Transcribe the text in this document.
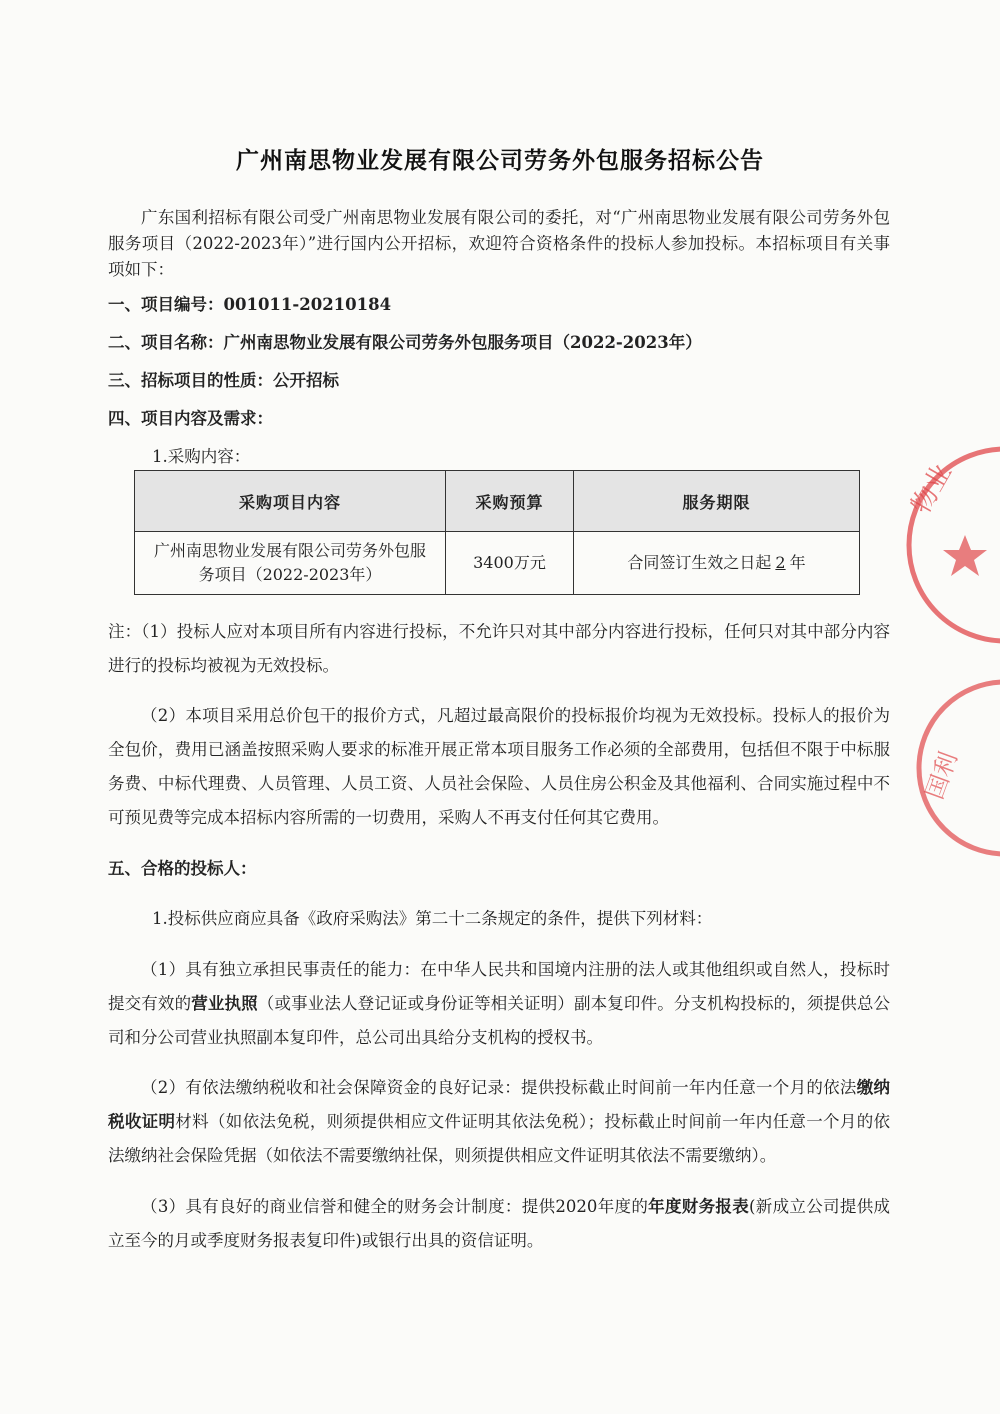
广州南思物业发展有限公司劳务外包服务招标公告

广东国利招标有限公司受广州南思物业发展有限公司的委托，对“广州南思物业发展有限公司劳务外包服务项目（2022-2023年）”进行国内公开招标，欢迎符合资格条件的投标人参加投标。本招标项目有关事项如下：

一、项目编号：001011-20210184

二、项目名称：广州南思物业发展有限公司劳务外包服务项目（2022-2023年）

三、招标项目的性质：公开招标

四、项目内容及需求：

1.采购内容：

采购项目内容	采购预算	服务期限
广州南思物业发展有限公司劳务外包服务项目（2022-2023年）	3400万元	合同签订生效之日起 2 年

注：（1）投标人应对本项目所有内容进行投标，不允许只对其中部分内容进行投标，任何只对其中部分内容进行的投标均被视为无效投标。

（2）本项目采用总价包干的报价方式，凡超过最高限价的投标报价均视为无效投标。投标人的报价为全包价，费用已涵盖按照采购人要求的标准开展正常本项目服务工作必须的全部费用，包括但不限于中标服务费、中标代理费、人员管理、人员工资、人员社会保险、人员住房公积金及其他福利、合同实施过程中不可预见费等完成本招标内容所需的一切费用，采购人不再支付任何其它费用。

五、合格的投标人：

1.投标供应商应具备《政府采购法》第二十二条规定的条件，提供下列材料：

（1）具有独立承担民事责任的能力：在中华人民共和国境内注册的法人或其他组织或自然人，投标时提交有效的营业执照（或事业法人登记证或身份证等相关证明）副本复印件。分支机构投标的，须提供总公司和分公司营业执照副本复印件，总公司出具给分支机构的授权书。

（2）有依法缴纳税收和社会保障资金的良好记录：提供投标截止时间前一年内任意一个月的依法缴纳税收证明材料（如依法免税，则须提供相应文件证明其依法免税）；投标截止时间前一年内任意一个月的依法缴纳社会保险凭据（如依法不需要缴纳社保，则须提供相应文件证明其依法不需要缴纳）。

（3）具有良好的商业信誉和健全的财务会计制度：提供2020年度的年度财务报表(新成立公司提供成立至今的月或季度财务报表复印件)或银行出具的资信证明。

物业
国利
